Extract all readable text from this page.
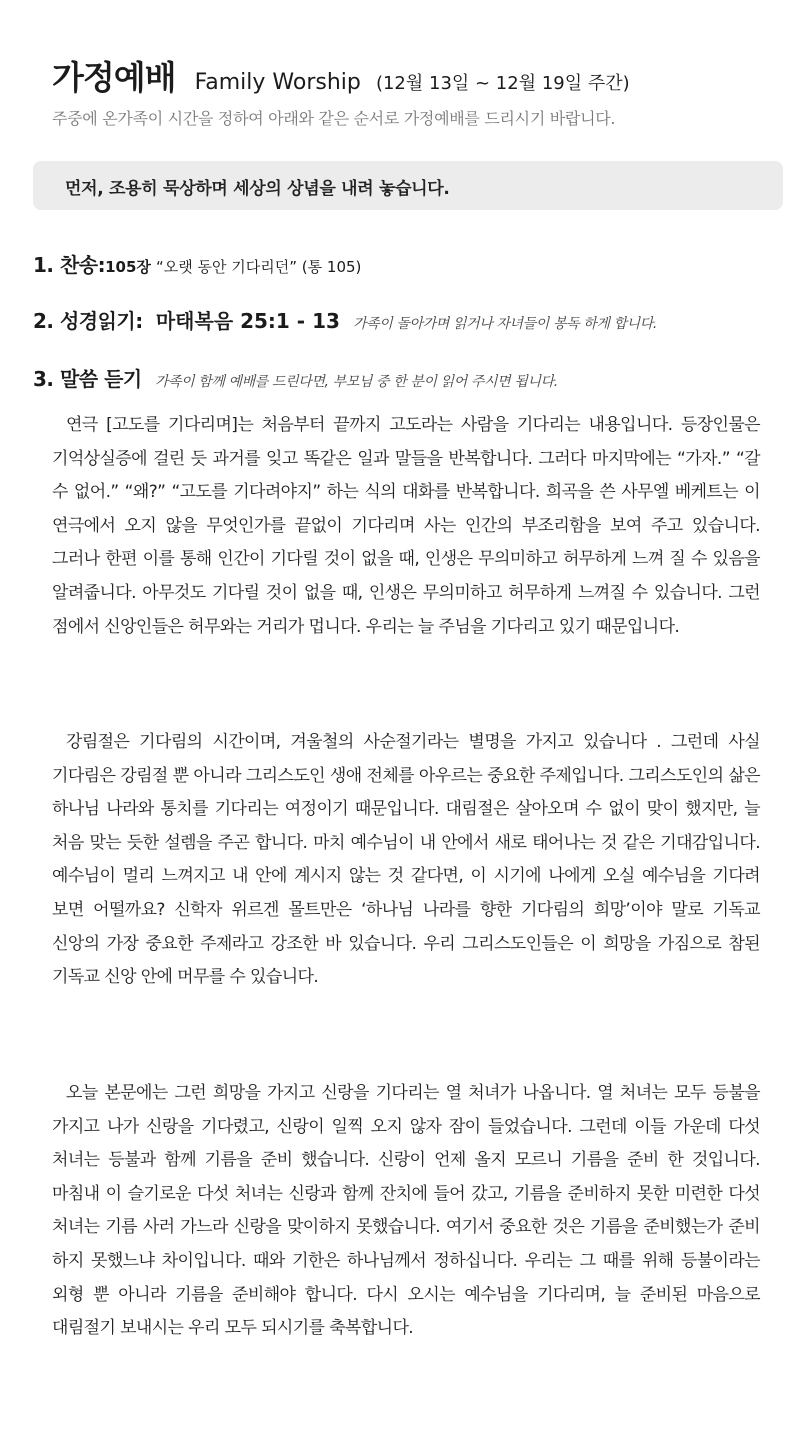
가정예배 Family Worship (12월 13일 ~ 12월 19일 주간)
주중에 온가족이 시간을 정하여 아래와 같은 순서로 가정예배를 드리시기 바랍니다.
먼저, 조용히 묵상하며 세상의 상념을 내려 놓습니다.
1. 찬송:105장 “오랫 동안 기다리던” (통 105)
2. 성경읽기: 마태복음 25:1 - 13 가족이 돌아가며 읽거나 자녀들이 봉독 하게 합니다.
3. 말씀 듣기 가족이 함께 예배를 드린다면, 부모님 중 한 분이 읽어 주시면 됩니다.

연극 [고도를 기다리며]는 처음부터 끝까지 고도라는 사람을 기다리는 내용입니다. 등장인물은 기억상실증에 걸린 듯 과거를 잊고 똑같은 일과 말들을 반복합니다. 그러다 마지막에는 “가자.” “갈 수 없어.” “왜?” “고도를 기다려야지” 하는 식의 대화를 반복합니다. 희곡을 쓴 사무엘 베케트는 이 연극에서 오지 않을 무엇인가를 끝없이 기다리며 사는 인간의 부조리함을 보여 주고 있습니다. 그러나 한편 이를 통해 인간이 기다릴 것이 없을 때, 인생은 무의미하고 허무하게 느껴 질 수 있음을 알려줍니다. 아무것도 기다릴 것이 없을 때, 인생은 무의미하고 허무하게 느껴질 수 있습니다. 그런 점에서 신앙인들은 허무와는 거리가 멉니다. 우리는 늘 주님을 기다리고 있기 때문입니다.

강림절은 기다림의 시간이며, 겨울철의 사순절기라는 별명을 가지고 있습니다 . 그런데 사실 기다림은 강림절 뿐 아니라 그리스도인 생애 전체를 아우르는 중요한 주제입니다. 그리스도인의 삶은 하나님 나라와 통치를 기다리는 여정이기 때문입니다. 대림절은 살아오며 수 없이 맞이 했지만, 늘 처음 맞는 듯한 설렘을 주곤 합니다. 마치 예수님이 내 안에서 새로 태어나는 것 같은 기대감입니다. 예수님이 멀리 느껴지고 내 안에 계시지 않는 것 같다면, 이 시기에 나에게 오실 예수님을 기다려 보면 어떨까요? 신학자 위르겐 몰트만은 ‘하나님 나라를 향한 기다림의 희망’이야 말로 기독교 신앙의 가장 중요한 주제라고 강조한 바 있습니다. 우리 그리스도인들은 이 희망을 가짐으로 참된 기독교 신앙 안에 머무를 수 있습니다.

오늘 본문에는 그런 희망을 가지고 신랑을 기다리는 열 처녀가 나옵니다. 열 처녀는 모두 등불을 가지고 나가 신랑을 기다렸고, 신랑이 일찍 오지 않자 잠이 들었습니다. 그런데 이들 가운데 다섯 처녀는 등불과 함께 기름을 준비 했습니다. 신랑이 언제 올지 모르니 기름을 준비 한 것입니다. 마침내 이 슬기로운 다섯 처녀는 신랑과 함께 잔치에 들어 갔고, 기름을 준비하지 못한 미련한 다섯 처녀는 기름 사러 가느라 신랑을 맞이하지 못했습니다. 여기서 중요한 것은 기름을 준비했는가 준비 하지 못했느냐 차이입니다. 때와 기한은 하나님께서 정하십니다. 우리는 그 때를 위해 등불이라는 외형 뿐 아니라 기름을 준비해야 합니다. 다시 오시는 예수님을 기다리며, 늘 준비된 마음으로 대림절기 보내시는 우리 모두 되시기를 축복합니다.
